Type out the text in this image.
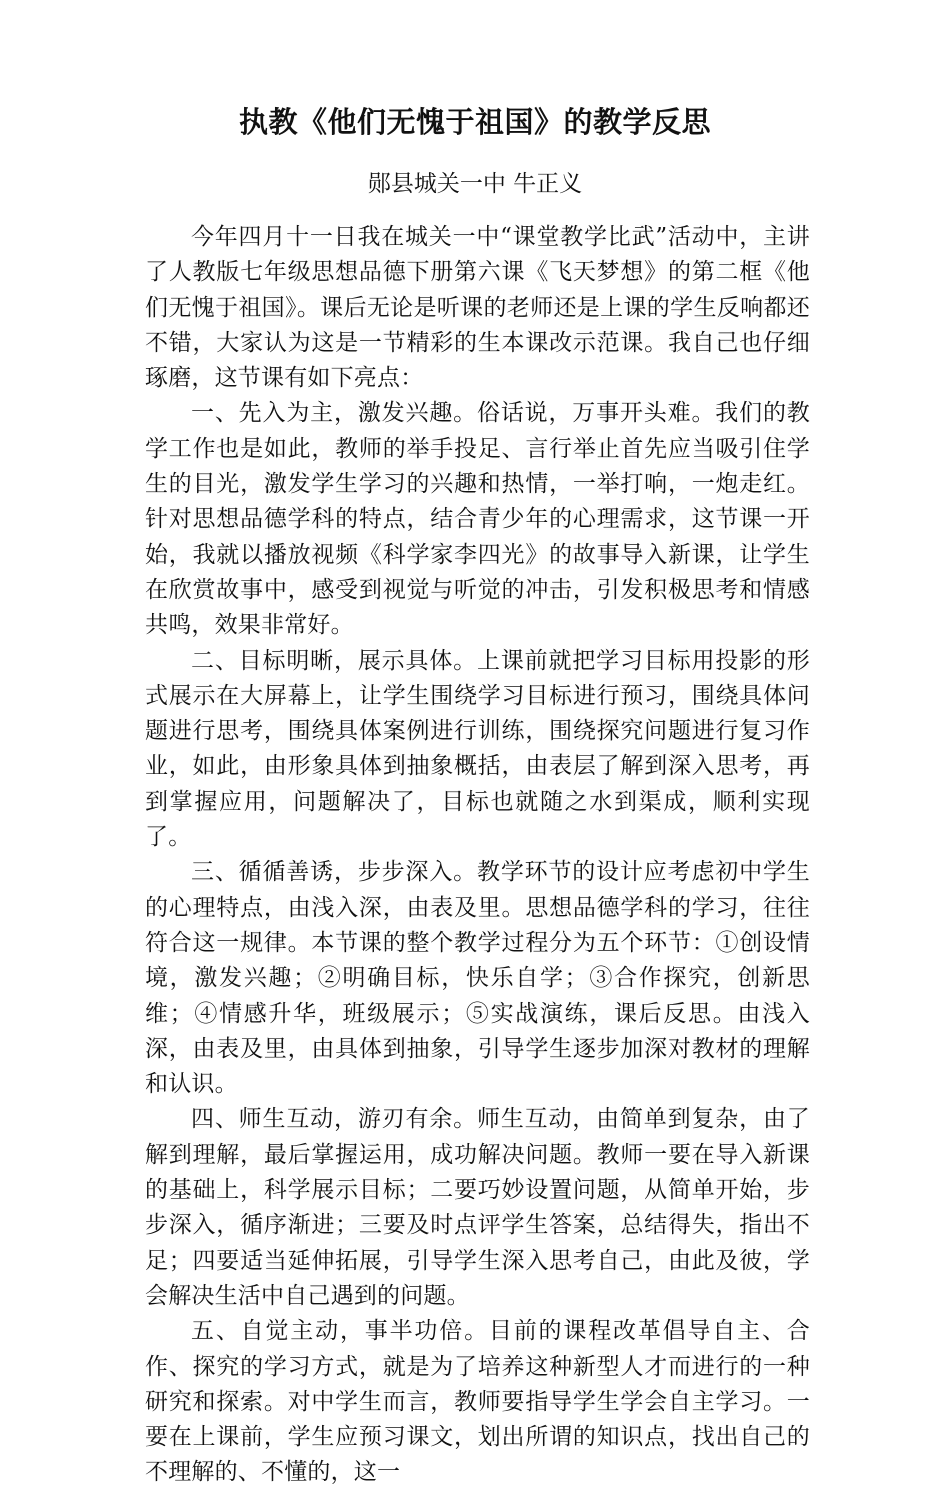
执教《他们无愧于祖国》的教学反思
郧县城关一中 牛正义

今年四月十一日我在城关一中“课堂教学比武”活动中，主讲了人教版七年级思想品德下册第六课《飞天梦想》的第二框《他们无愧于祖国》。课后无论是听课的老师还是上课的学生反响都还不错，大家认为这是一节精彩的生本课改示范课。我自己也仔细琢磨，这节课有如下亮点：

一、先入为主，激发兴趣。俗话说，万事开头难。我们的教学工作也是如此，教师的举手投足、言行举止首先应当吸引住学生的目光，激发学生学习的兴趣和热情，一举打响，一炮走红。针对思想品德学科的特点，结合青少年的心理需求，这节课一开始，我就以播放视频《科学家李四光》的故事导入新课，让学生在欣赏故事中，感受到视觉与听觉的冲击，引发积极思考和情感共鸣，效果非常好。

二、目标明晰，展示具体。上课前就把学习目标用投影的形式展示在大屏幕上，让学生围绕学习目标进行预习，围绕具体问题进行思考，围绕具体案例进行训练，围绕探究问题进行复习作业，如此，由形象具体到抽象概括，由表层了解到深入思考，再到掌握应用，问题解决了，目标也就随之水到渠成，顺利实现了。

三、循循善诱，步步深入。教学环节的设计应考虑初中学生的心理特点，由浅入深，由表及里。思想品德学科的学习，往往符合这一规律。本节课的整个教学过程分为五个环节：①创设情境，激发兴趣；②明确目标，快乐自学；③合作探究，创新思维；④情感升华，班级展示；⑤实战演练，课后反思。由浅入深，由表及里，由具体到抽象，引导学生逐步加深对教材的理解和认识。

四、师生互动，游刃有余。师生互动，由简单到复杂，由了解到理解，最后掌握运用，成功解决问题。教师一要在导入新课的基础上，科学展示目标；二要巧妙设置问题，从简单开始，步步深入，循序渐进；三要及时点评学生答案，总结得失，指出不足；四要适当延伸拓展，引导学生深入思考自己，由此及彼，学会解决生活中自己遇到的问题。

五、自觉主动，事半功倍。目前的课程改革倡导自主、合作、探究的学习方式，就是为了培养这种新型人才而进行的一种研究和探索。对中学生而言，教师要指导学生学会自主学习。一要在上课前，学生应预习课文，划出所谓的知识点，找出自己的不理解的、不懂的，这一
